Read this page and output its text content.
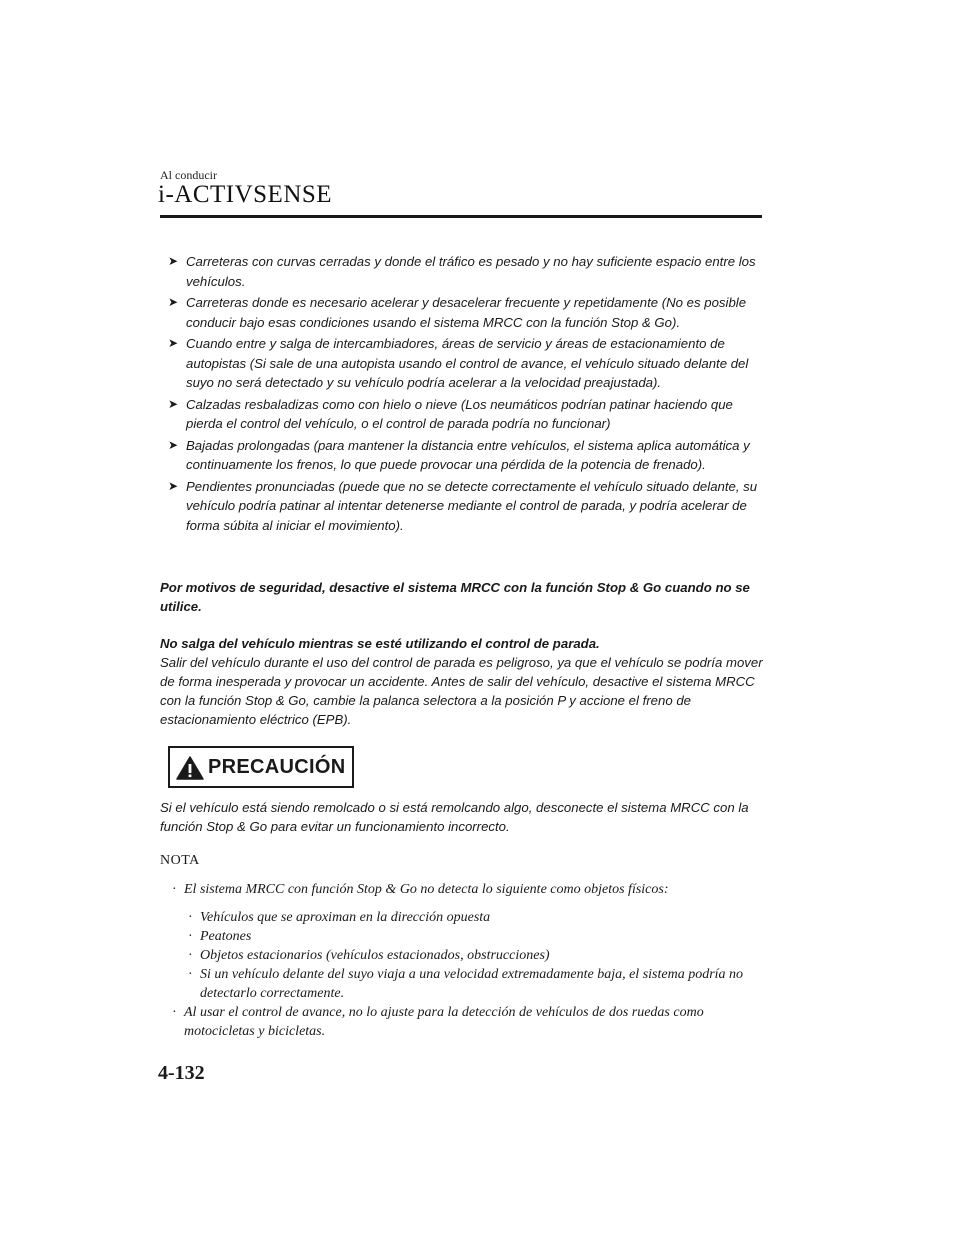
Al conducir
i-ACTIVSENSE
➤ Carreteras con curvas cerradas y donde el tráfico es pesado y no hay suficiente espacio entre los vehículos.
➤ Carreteras donde es necesario acelerar y desacelerar frecuente y repetidamente (No es posible conducir bajo esas condiciones usando el sistema MRCC con la función Stop & Go).
➤ Cuando entre y salga de intercambiadores, áreas de servicio y áreas de estacionamiento de autopistas (Si sale de una autopista usando el control de avance, el vehículo situado delante del suyo no será detectado y su vehículo podría acelerar a la velocidad preajustada).
➤ Calzadas resbaladizas como con hielo o nieve (Los neumáticos podrían patinar haciendo que pierda el control del vehículo, o el control de parada podría no funcionar)
➤ Bajadas prolongadas (para mantener la distancia entre vehículos, el sistema aplica automática y continuamente los frenos, lo que puede provocar una pérdida de la potencia de frenado).
➤ Pendientes pronunciadas (puede que no se detecte correctamente el vehículo situado delante, su vehículo podría patinar al intentar detenerse mediante el control de parada, y podría acelerar de forma súbita al iniciar el movimiento).
Por motivos de seguridad, desactive el sistema MRCC con la función Stop & Go cuando no se utilice.
No salga del vehículo mientras se esté utilizando el control de parada.
Salir del vehículo durante el uso del control de parada es peligroso, ya que el vehículo se podría mover de forma inesperada y provocar un accidente. Antes de salir del vehículo, desactive el sistema MRCC con la función Stop & Go, cambie la palanca selectora a la posición P y accione el freno de estacionamiento eléctrico (EPB).
PRECAUCIÓN
Si el vehículo está siendo remolcado o si está remolcando algo, desconecte el sistema MRCC con la función Stop & Go para evitar un funcionamiento incorrecto.
NOTA
· El sistema MRCC con función Stop & Go no detecta lo siguiente como objetos físicos:
· Vehículos que se aproximan en la dirección opuesta
· Peatones
· Objetos estacionarios (vehículos estacionados, obstrucciones)
· Si un vehículo delante del suyo viaja a una velocidad extremadamente baja, el sistema podría no detectarlo correctamente.
· Al usar el control de avance, no lo ajuste para la detección de vehículos de dos ruedas como motocicletas y bicicletas.
4-132
